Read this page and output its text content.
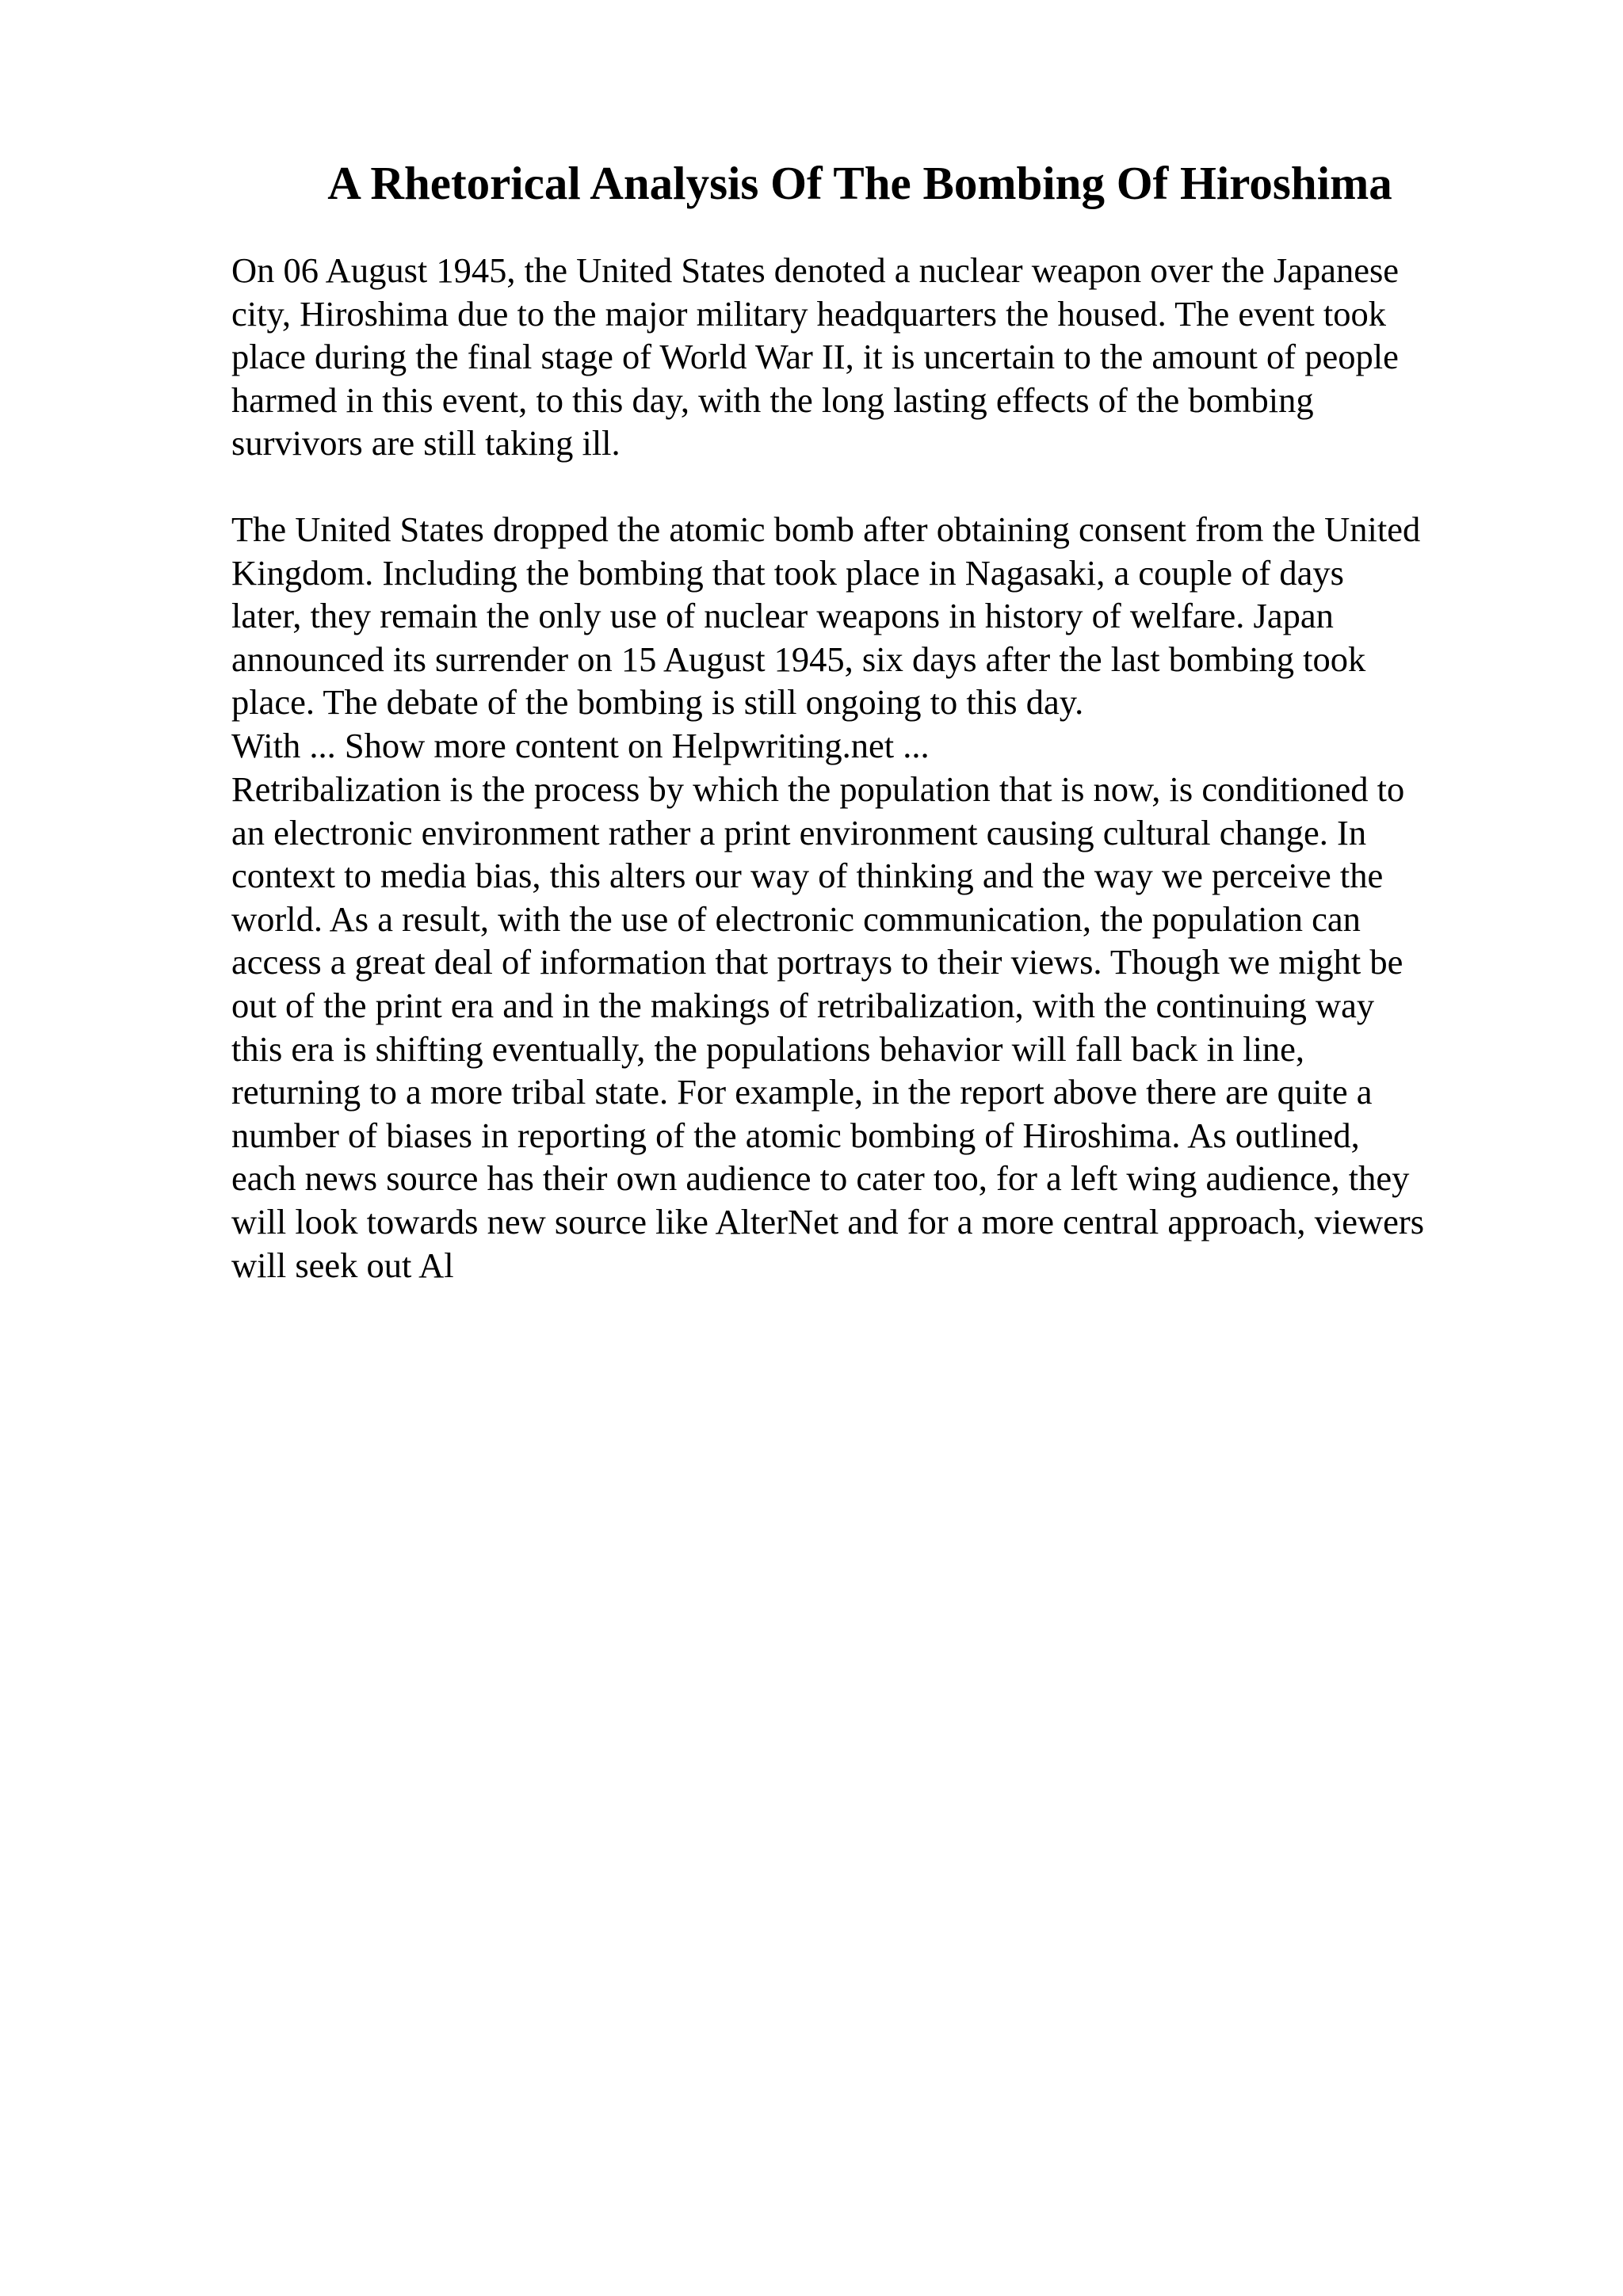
A Rhetorical Analysis Of The Bombing Of Hiroshima
On 06 August 1945, the United States denoted a nuclear weapon over the Japanese
city, Hiroshima due to the major military headquarters the housed. The event took
place during the final stage of World War II, it is uncertain to the amount of people
harmed in this event, to this day, with the long lasting effects of the bombing
survivors are still taking ill.
The United States dropped the atomic bomb after obtaining consent from the United
Kingdom. Including the bombing that took place in Nagasaki, a couple of days
later, they remain the only use of nuclear weapons in history of welfare. Japan
announced its surrender on 15 August 1945, six days after the last bombing took
place. The debate of the bombing is still ongoing to this day.
With ... Show more content on Helpwriting.net ...
Retribalization is the process by which the population that is now, is conditioned to
an electronic environment rather a print environment causing cultural change. In
context to media bias, this alters our way of thinking and the way we perceive the
world. As a result, with the use of electronic communication, the population can
access a great deal of information that portrays to their views. Though we might be
out of the print era and in the makings of retribalization, with the continuing way
this era is shifting eventually, the populations behavior will fall back in line,
returning to a more tribal state. For example, in the report above there are quite a
number of biases in reporting of the atomic bombing of Hiroshima. As outlined,
each news source has their own audience to cater too, for a left wing audience, they
will look towards new source like AlterNet and for a more central approach, viewers
will seek out Al
